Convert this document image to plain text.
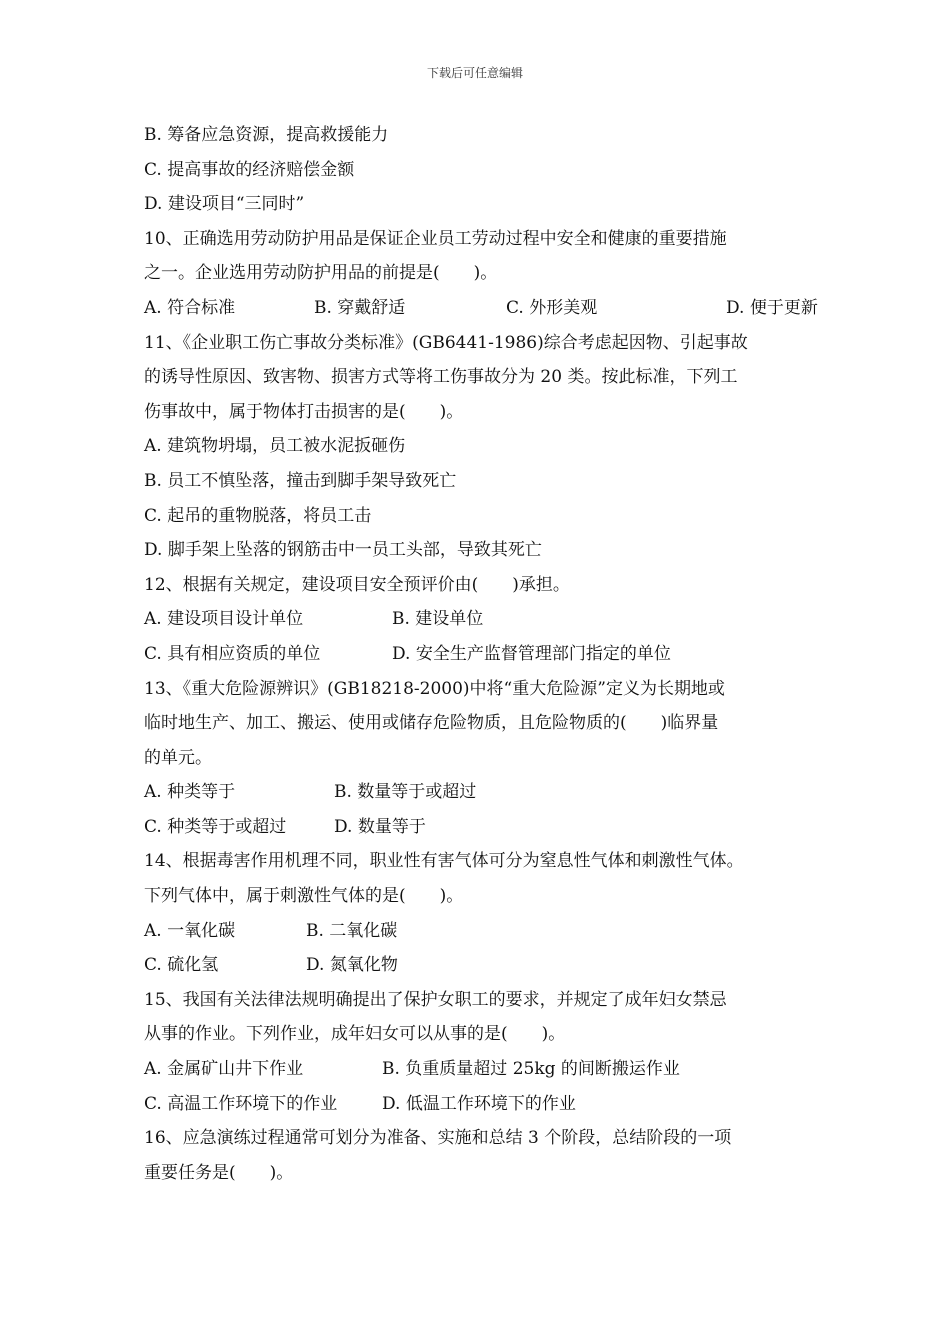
下载后可任意编辑
B. 筹备应急资源，提高救援能力
C. 提高事故的经济赔偿金额
D. 建设项目“三同时”
10、正确选用劳动防护用品是保证企业员工劳动过程中安全和健康的重要措施
之一。企业选用劳动防护用品的前提是(　　)。
A. 符合标准	B. 穿戴舒适	C. 外形美观	D. 便于更新
11、《企业职工伤亡事故分类标准》(GB6441-1986)综合考虑起因物、引起事故
的诱导性原因、致害物、损害方式等将工伤事故分为 20 类。按此标准，下列工
伤事故中，属于物体打击损害的是(　　)。
A. 建筑物坍塌，员工被水泥扳砸伤
B. 员工不慎坠落，撞击到脚手架导致死亡
C. 起吊的重物脱落，将员工击
D. 脚手架上坠落的钢筋击中一员工头部，导致其死亡
12、根据有关规定，建设项目安全预评价由(　　)承担。
A. 建设项目设计单位	B. 建设单位
C. 具有相应资质的单位	D. 安全生产监督管理部门指定的单位
13、《重大危险源辨识》(GB18218-2000)中将“重大危险源”定义为长期地或
临时地生产、加工、搬运、使用或储存危险物质，且危险物质的(　　)临界量
的单元。
A. 种类等于	B. 数量等于或超过
C. 种类等于或超过	D. 数量等于
14、根据毒害作用机理不同，职业性有害气体可分为窒息性气体和刺激性气体。
下列气体中，属于刺激性气体的是(　　)。
A. 一氧化碳	B. 二氧化碳
C. 硫化氢	D. 氮氧化物
15、我国有关法律法规明确提出了保护女职工的要求，并规定了成年妇女禁忌
从事的作业。下列作业，成年妇女可以从事的是(　　)。
A. 金属矿山井下作业	B. 负重质量超过 25kg 的间断搬运作业
C. 高温工作环境下的作业	D. 低温工作环境下的作业
16、应急演练过程通常可划分为准备、实施和总结 3 个阶段，总结阶段的一项
重要任务是(　　)。
